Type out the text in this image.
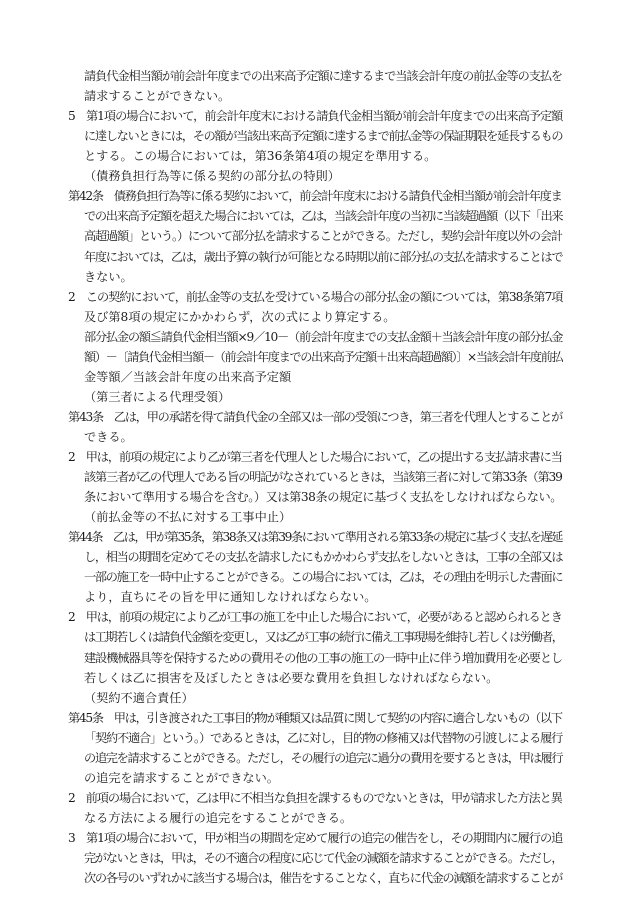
請負代金相当額が前会計年度までの出来高予定額に達するまで当該会計年度の前払金等の支払を
請求することができない。
5　第1項の場合において，前会計年度末における請負代金相当額が前会計年度までの出来高予定額
に達しないときには，その額が当該出来高予定額に達するまで前払金等の保証期限を延長するもの
とする。この場合においては，第36条第4項の規定を準用する。
（債務負担行為等に係る契約の部分払の特則）
第42条　債務負担行為等に係る契約において，前会計年度末における請負代金相当額が前会計年度ま
での出来高予定額を超えた場合においては，乙は，当該会計年度の当初に当該超過額（以下「出来
高超過額」という。）について部分払を請求することができる。ただし，契約会計年度以外の会計
年度においては，乙は，歳出予算の執行が可能となる時期以前に部分払の支払を請求することはで
きない。
2　この契約において，前払金等の支払を受けている場合の部分払金の額については，第38条第7項
及び第8項の規定にかかわらず，次の式により算定する。
部分払金の額≦請負代金相当額×9／10－（前会計年度までの支払金額＋当該会計年度の部分払金
額）－〔請負代金相当額－（前会計年度までの出来高予定額＋出来高超過額）〕×当該会計年度前払
金等額／当該会計年度の出来高予定額
（第三者による代理受領）
第43条　乙は，甲の承諾を得て請負代金の全部又は一部の受領につき，第三者を代理人とすることが
できる。
2　甲は，前項の規定により乙が第三者を代理人とした場合において，乙の提出する支払請求書に当
該第三者が乙の代理人である旨の明記がなされているときは，当該第三者に対して第33条（第39
条において準用する場合を含む。）又は第38条の規定に基づく支払をしなければならない。
（前払金等の不払に対する工事中止）
第44条　乙は，甲が第35条，第38条又は第39条において準用される第33条の規定に基づく支払を遅延
し，相当の期間を定めてその支払を請求したにもかかわらず支払をしないときは，工事の全部又は
一部の施工を一時中止することができる。この場合においては，乙は，その理由を明示した書面に
より，直ちにその旨を甲に通知しなければならない。
2　甲は，前項の規定により乙が工事の施工を中止した場合において，必要があると認められるとき
は工期若しくは請負代金額を変更し，又は乙が工事の続行に備え工事現場を維持し若しくは労働者，
建設機械器具等を保持するための費用その他の工事の施工の一時中止に伴う増加費用を必要とし
若しくは乙に損害を及ぼしたときは必要な費用を負担しなければならない。
（契約不適合責任）
第45条　甲は，引き渡された工事目的物が種類又は品質に関して契約の内容に適合しないもの（以下
「契約不適合」という。）であるときは，乙に対し，目的物の修補又は代替物の引渡しによる履行
の追完を請求することができる。ただし，その履行の追完に過分の費用を要するときは，甲は履行
の追完を請求することができない。
2　前項の場合において，乙は甲に不相当な負担を課するものでないときは，甲が請求した方法と異
なる方法による履行の追完をすることができる。
3　第1項の場合において，甲が相当の期間を定めて履行の追完の催告をし，その期間内に履行の追
完がないときは，甲は，その不適合の程度に応じて代金の減額を請求することができる。ただし，
次の各号のいずれかに該当する場合は，催告をすることなく，直ちに代金の減額を請求することが
